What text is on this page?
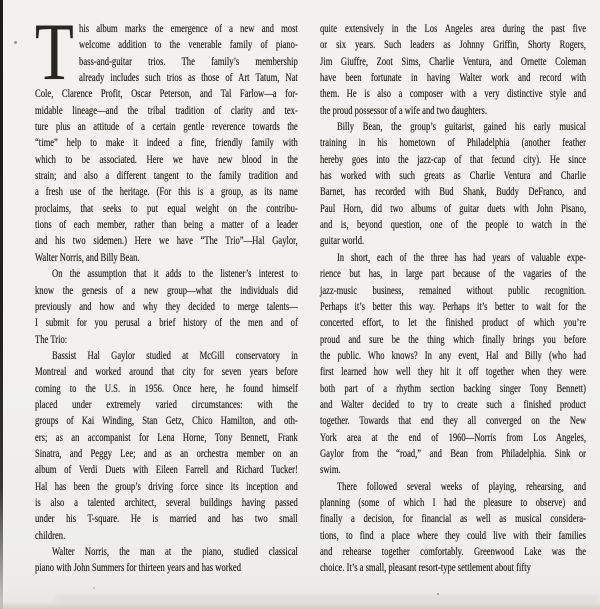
T his album marks the emergence of a new and most
welcome addition to the venerable family of piano-
bass-and-guitar trios. The family’s membership
already includes such trios as those of Art Tatum, Nat
Cole, Clarence Profit, Oscar Peterson, and Tal Farlow—a for-
midable lineage—and the tribal tradition of clarity and tex-
ture plus an attitude of a certain gentle reverence towards the
“time” help to make it indeed a fine, friendly family with
which to be associated. Here we have new blood in the
strain; and also a different tangent to the family tradition and
a fresh use of the heritage. (For this is a group, as its name
proclaims, that seeks to put equal weight on the contribu-
tions of each member, rather than being a matter of a leader
and his two sidemen.) Here we have “The Trio”—Hal Gaylor,
Walter Norris, and Billy Bean.
On the assumption that it adds to the listener’s interest to
know the genesis of a new group—what the individuals did
previously and how and why they decided to merge talents—
I submit for you perusal a brief history of the men and of
The Trio:
Bassist Hal Gaylor studied at McGill conservatory in
Montreal and worked around that city for seven years before
coming to the U.S. in 1956. Once here, he found himself
placed under extremely varied circumstances: with the
groups of Kai Winding, Stan Getz, Chico Hamilton, and oth-
ers; as an accompanist for Lena Horne, Tony Bennett, Frank
Sinatra, and Peggy Lee; and as an orchestra member on an
album of Verdi Duets with Eileen Farrell and Richard Tucker!
Hal has been the group’s driving force since its inception and
is also a talented architect, several buildings having passed
under his T-square. He is married and has two small
children.
Walter Norris, the man at the piano, studied classical
piano with John Summers for thirteen years and has worked
quite extensively in the Los Angeles area during the past five
or six years. Such leaders as Johnny Griffin, Shorty Rogers,
Jim Giuffre, Zoot Sims, Charlie Ventura, and Ornette Coleman
have been fortunate in having Walter work and record with
them. He is also a composer with a very distinctive style and
the proud possessor of a wife and two daughters.
Billy Bean, the group’s guitarist, gained his early musical
training in his hometown of Philadelphia (another feather
hereby goes into the jazz-cap of that fecund city). He since
has worked with such greats as Charlie Ventura and Charlie
Barnet, has recorded with Bud Shank, Buddy DeFranco, and
Paul Horn, did two albums of guitar duets with John Pisano,
and is, beyond question, one of the people to watch in the
guitar world.
In short, each of the three has had years of valuable expe-
rience but has, in large part because of the vagaries of the
jazz-music business, remained without public recognition.
Perhaps it’s better this way. Perhaps it’s better to wait for the
concerted effort, to let the finished product of which you’re
proud and sure be the thing which finally brings you before
the public. Who knows? In any event, Hal and Billy (who had
first learned how well they hit it off together when they were
both part of a rhythm section backing singer Tony Bennett)
and Walter decided to try to create such a finished product
together. Towards that end they all converged on the New
York area at the end of 1960—Norris from Los Angeles,
Gaylor from the “road,” and Bean from Philadelphia. Sink or
swim.
There followed several weeks of playing, rehearsing, and
planning (some of which I had the pleasure to observe) and
finally a decision, for financial as well as musical considera-
tions, to find a place where they could live with their families
and rehearse together comfortably. Greenwood Lake was the
choice. It’s a small, pleasant resort-type settlement about fifty
